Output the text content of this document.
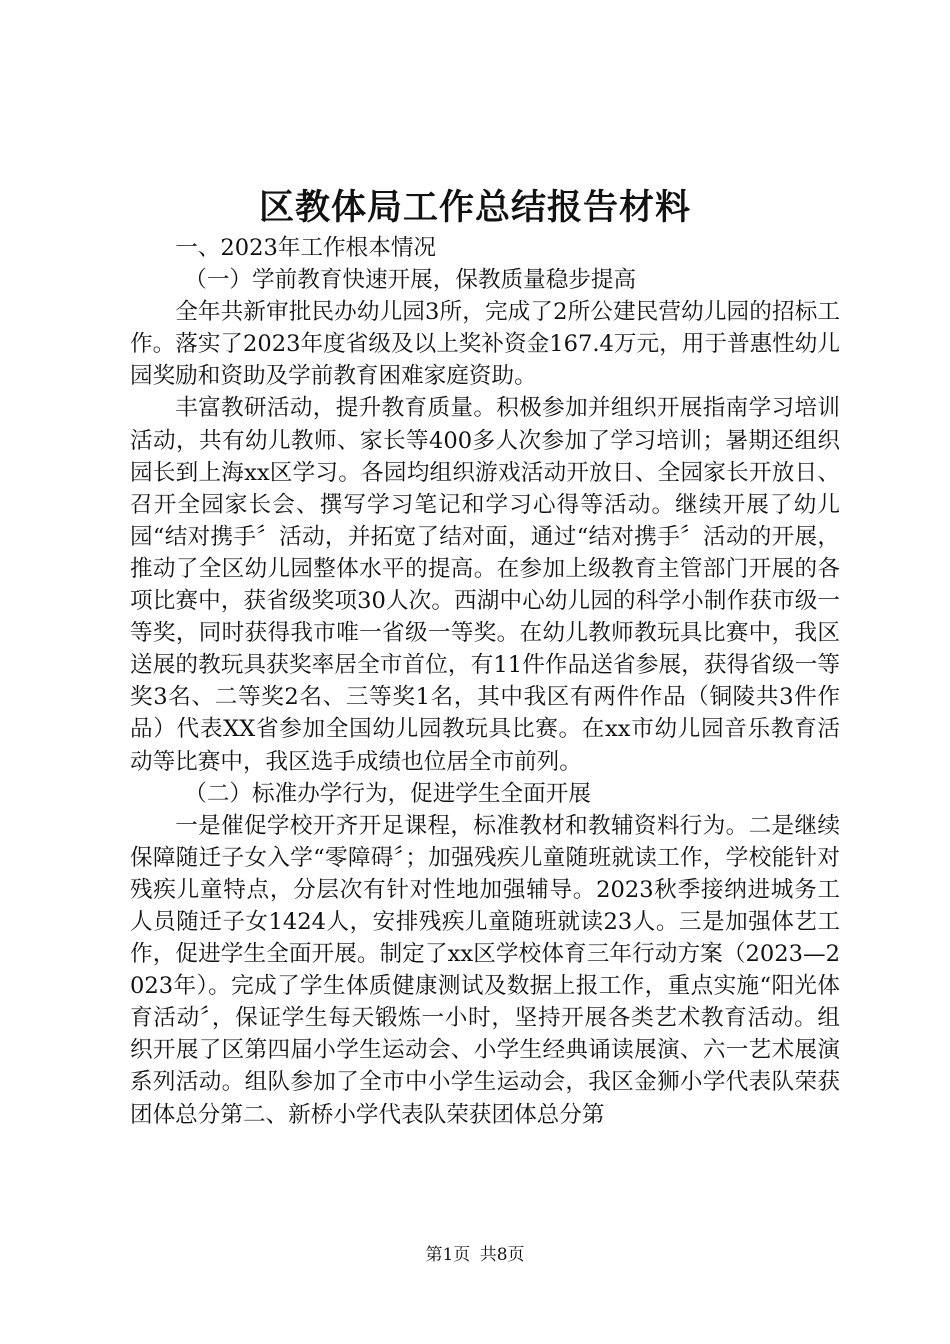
区教体局工作总结报告材料

一、2023年工作根本情况

（一）学前教育快速开展，保教质量稳步提高

全年共新审批民办幼儿园3所，完成了2所公建民营幼儿园的招标工作。落实了2023年度省级及以上奖补资金167.4万元，用于普惠性幼儿园奖励和资助及学前教育困难家庭资助。

丰富教研活动，提升教育质量。积极参加并组织开展指南学习培训活动，共有幼儿教师、家长等400多人次参加了学习培训；暑期还组织园长到上海xx区学习。各园均组织游戏活动开放日、全园家长开放日、召开全园家长会、撰写学习笔记和学习心得等活动。继续开展了幼儿园“结对携手〞活动，并拓宽了结对面，通过“结对携手〞活动的开展，推动了全区幼儿园整体水平的提高。在参加上级教育主管部门开展的各项比赛中，获省级奖项30人次。西湖中心幼儿园的科学小制作获市级一等奖，同时获得我市唯一省级一等奖。在幼儿教师教玩具比赛中，我区送展的教玩具获奖率居全市首位，有11件作品送省参展，获得省级一等奖3名、二等奖2名、三等奖1名，其中我区有两件作品（铜陵共3件作品）代表XX省参加全国幼儿园教玩具比赛。在xx市幼儿园音乐教育活动等比赛中，我区选手成绩也位居全市前列。

（二）标准办学行为，促进学生全面开展

一是催促学校开齐开足课程，标准教材和教辅资料行为。二是继续保障随迁子女入学“零障碍〞；加强残疾儿童随班就读工作，学校能针对残疾儿童特点，分层次有针对性地加强辅导。2023秋季接纳进城务工人员随迁子女1424人，安排残疾儿童随班就读23人。三是加强体艺工作，促进学生全面开展。制定了xx区学校体育三年行动方案（2023—2023年）。完成了学生体质健康测试及数据上报工作，重点实施“阳光体育活动〞，保证学生每天锻炼一小时，坚持开展各类艺术教育活动。组织开展了区第四届小学生运动会、小学生经典诵读展演、六一艺术展演系列活动。组队参加了全市中小学生运动会，我区金狮小学代表队荣获团体总分第二、新桥小学代表队荣获团体总分第

第1页 共8页
